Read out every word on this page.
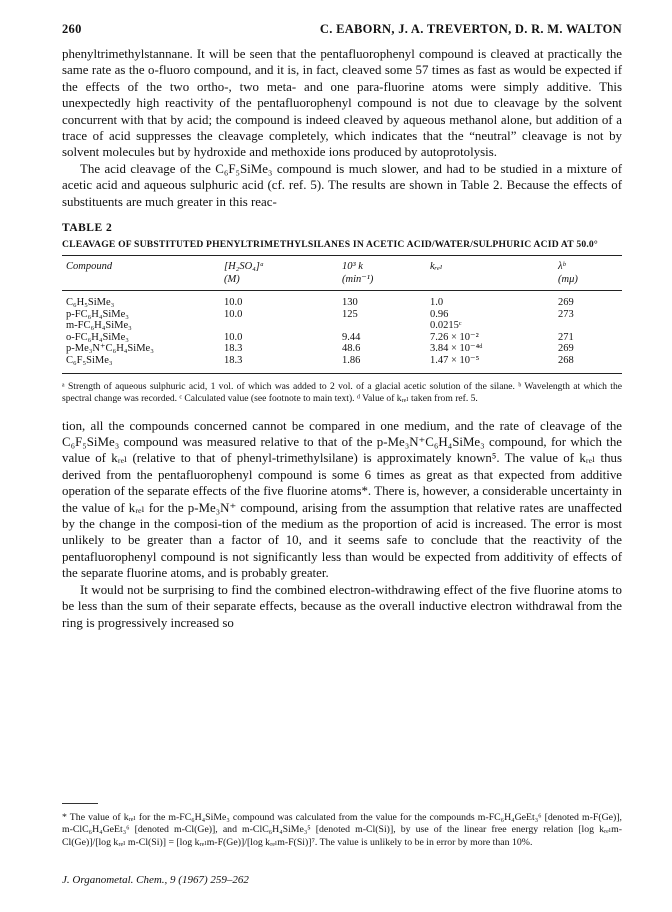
260	C. EABORN, J. A. TREVERTON, D. R. M. WALTON

phenyltrimethylstannane. It will be seen that the pentafluorophenyl compound is cleaved at practically the same rate as the o-fluoro compound, and it is, in fact, cleaved some 57 times as fast as would be expected if the effects of the two ortho-, two meta- and one para-fluorine atoms were simply additive. This unexpectedly high reactivity of the pentafluorophenyl compound is not due to cleavage by the solvent concurrent with that by acid; the compound is indeed cleaved by aqueous methanol alone, but addition of a trace of acid suppresses the cleavage completely, which indicates that the “neutral” cleavage is not by solvent molecules but by hydroxide and methoxide ions produced by autoprotolysis.

The acid cleavage of the C₆F₅SiMe₃ compound is much slower, and had to be studied in a mixture of acetic acid and aqueous sulphuric acid (cf. ref. 5). The results are shown in Table 2. Because the effects of substituents are much greater in this reac-

TABLE 2
CLEAVAGE OF SUBSTITUTED PHENYLTRIMETHYLSILANES IN ACETIC ACID/WATER/SULPHURIC ACID AT 50.0°
Compound	[H₂SO₄]ᵃ	10³ k	kᵣₑₗ	λᵇ
	(M)	(min⁻¹)		(mμ)
C₆H₅SiMe₃	10.0	130	1.0	269
p-FC₆H₄SiMe₃	10.0	125	0.96	273
m-FC₆H₄SiMe₃			0.0215ᶜ	
o-FC₆H₄SiMe₃	10.0	9.44	7.26 × 10⁻²	271
p-Me₃N⁺C₆H₄SiMe₃	18.3	48.6	3.84 × 10⁻⁴ᵈ	269
C₆F₅SiMe₃	18.3	1.86	1.47 × 10⁻⁵	268
ᵃ Strength of aqueous sulphuric acid, 1 vol. of which was added to 2 vol. of a glacial acetic solution of the silane. ᵇ Wavelength at which the spectral change was recorded. ᶜ Calculated value (see footnote to main text). ᵈ Value of kᵣₑₗ taken from ref. 5.

tion, all the compounds concerned cannot be compared in one medium, and the rate of cleavage of the C₆F₅SiMe₃ compound was measured relative to that of the p-Me₃N⁺C₆H₄SiMe₃ compound, for which the value of kᵣₑₗ (relative to that of phenyl-trimethylsilane) is approximately known⁵. The value of kᵣₑₗ thus derived from the pentafluorophenyl compound is some 6 times as great as that expected from additive operation of the separate effects of the five fluorine atoms*. There is, however, a considerable uncertainty in the value of kᵣₑₗ for the p-Me₃N⁺ compound, arising from the assumption that relative rates are unaffected by the change in the composi-tion of the medium as the proportion of acid is increased. The error is most unlikely to be greater than a factor of 10, and it seems safe to conclude that the reactivity of the pentafluorophenyl compound is not significantly less than would be expected from additivity of effects of the separate fluorine atoms, and is probably greater.

It would not be surprising to find the combined electron-withdrawing effect of the five fluorine atoms to be less than the sum of their separate effects, because as the overall inductive electron withdrawal from the ring is progressively increased so

* The value of kᵣₑₗ for the m-FC₆H₄SiMe₃ compound was calculated from the value for the compounds m-FC₆H₄GeEt₃⁶ [denoted m-F(Ge)], m-ClC₆H₄GeEt₃⁶ [denoted m-Cl(Ge)], and m-ClC₆H₄SiMe₃⁵ [denoted m-Cl(Si)], by use of the linear free energy relation [log kᵣₑₗm-Cl(Ge)]/[log kᵣₑₗ m-Cl(Si)] = [log kᵣₑₗm-F(Ge)]/[log kᵣₑₗm-F(Si)]⁷. The value is unlikely to be in error by more than 10%.
J. Organometal. Chem., 9 (1967) 259–262
